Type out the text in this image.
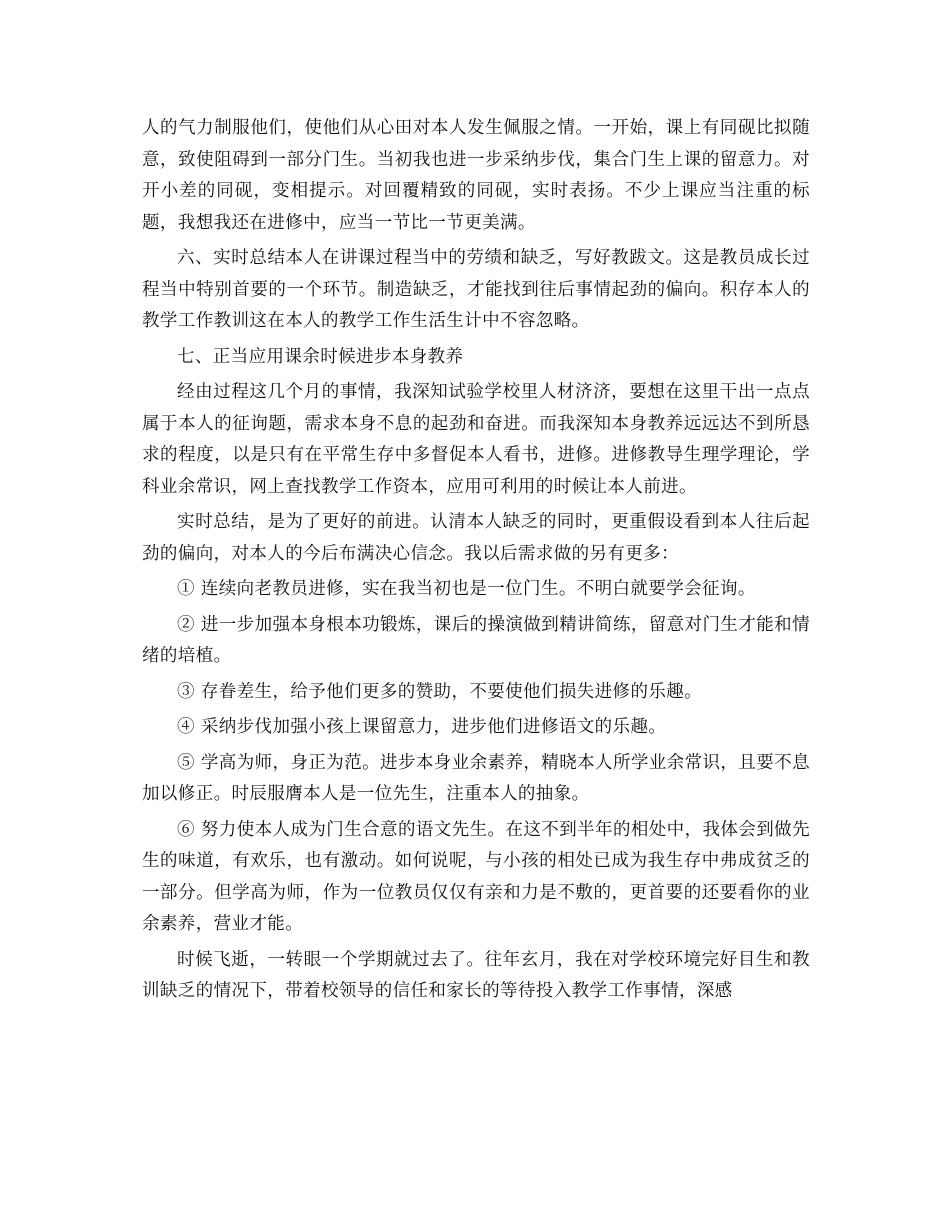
人的气力制服他们，使他们从心田对本人发生佩服之情。一开始，课上有同砚比拟随意，致使阻碍到一部分门生。当初我也进一步采纳步伐，集合门生上课的留意力。对开小差的同砚，变相提示。对回覆精致的同砚，实时表扬。不少上课应当注重的标题，我想我还在进修中，应当一节比一节更美满。

六、实时总结本人在讲课过程当中的劳绩和缺乏，写好教跋文。这是教员成长过程当中特别首要的一个环节。制造缺乏，才能找到往后事情起劲的偏向。积存本人的教学工作教训这在本人的教学工作生活生计中不容忽略。

七、正当应用课余时候进步本身教养

经由过程这几个月的事情，我深知试验学校里人材济济，要想在这里干出一点点属于本人的征询题，需求本身不息的起劲和奋进。而我深知本身教养远远达不到所恳求的程度，以是只有在平常生存中多督促本人看书，进修。进修教导生理学理论，学科业余常识，网上查找教学工作资本，应用可利用的时候让本人前进。

实时总结，是为了更好的前进。认清本人缺乏的同时，更重假设看到本人往后起劲的偏向，对本人的今后布满决心信念。我以后需求做的另有更多：

① 连续向老教员进修，实在我当初也是一位门生。不明白就要学会征询。

② 进一步加强本身根本功锻炼，课后的操演做到精讲简练，留意对门生才能和情绪的培植。

③ 存眷差生，给予他们更多的赞助，不要使他们损失进修的乐趣。

④ 采纳步伐加强小孩上课留意力，进步他们进修语文的乐趣。

⑤ 学高为师，身正为范。进步本身业余素养，精晓本人所学业余常识，且要不息加以修正。时辰服膺本人是一位先生，注重本人的抽象。

⑥ 努力使本人成为门生合意的语文先生。在这不到半年的相处中，我体会到做先生的味道，有欢乐，也有激动。如何说呢，与小孩的相处已成为我生存中弗成贫乏的一部分。但学高为师，作为一位教员仅仅有亲和力是不敷的，更首要的还要看你的业余素养，营业才能。

时候飞逝，一转眼一个学期就过去了。往年玄月，我在对学校环境完好目生和教训缺乏的情况下，带着校领导的信任和家长的等待投入教学工作事情，深感
